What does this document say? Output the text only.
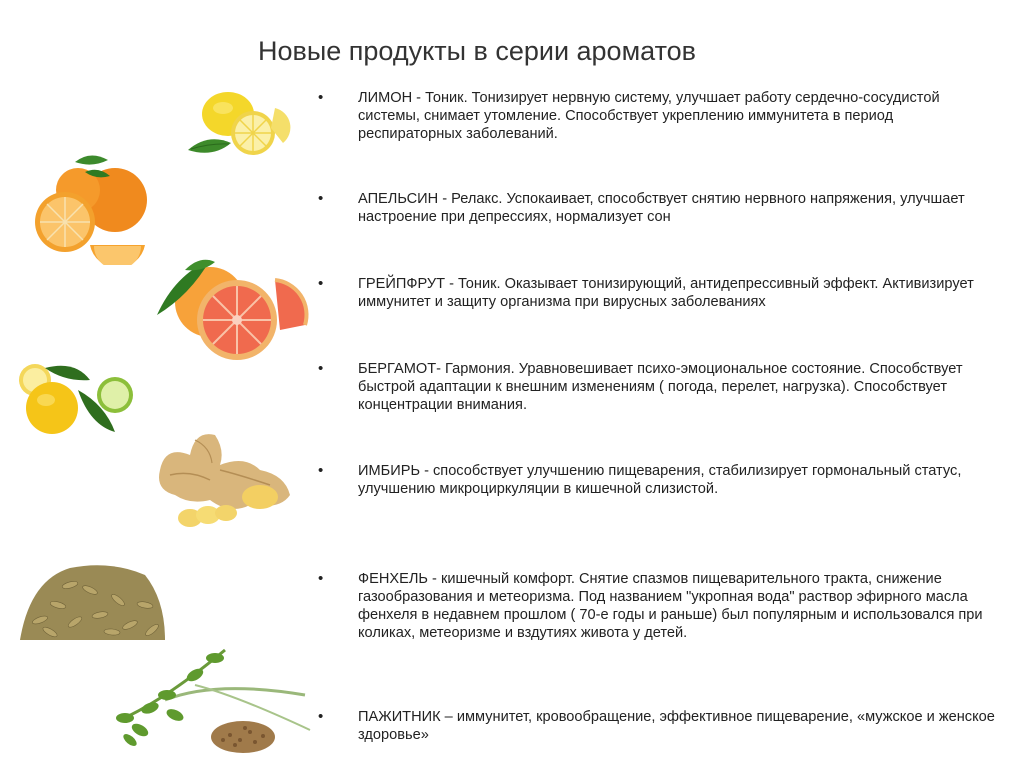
Новые продукты в серии ароматов
• ЛИМОН - Тоник. Тонизирует нервную систему, улучшает работу сердечно-сосудистой системы, снимает утомление. Способствует укреплению иммунитета в период респираторных заболеваний.
• АПЕЛЬСИН - Релакс. Успокаивает, способствует снятию нервного напряжения, улучшает настроение при депрессиях, нормализует сон
• ГРЕЙПФРУТ - Тоник. Оказывает тонизирующий, антидепрессивный эффект. Активизирует иммунитет и защиту организма при вирусных заболеваниях
• БЕРГАМОТ- Гармония. Уравновешивает психо-эмоциональное состояние. Способствует быстрой адаптации к внешним изменениям ( погода, перелет, нагрузка). Способствует концентрации внимания.
• ИМБИРЬ - способствует улучшению пищеварения, стабилизирует гормональный статус, улучшению микроциркуляции в кишечной слизистой.
• ФЕНХЕЛЬ - кишечный комфорт. Снятие спазмов пищеварительного тракта, снижение газообразования и метеоризма. Под названием "укропная вода" раствор эфирного масла фенхеля в недавнем прошлом ( 70-е годы и раньше) был популярным и использовался при коликах, метеоризме и вздутиях живота у детей.
• ПАЖИТНИК – иммунитет, кровообращение, эффективное пищеварение, «мужское и женское здоровье»
